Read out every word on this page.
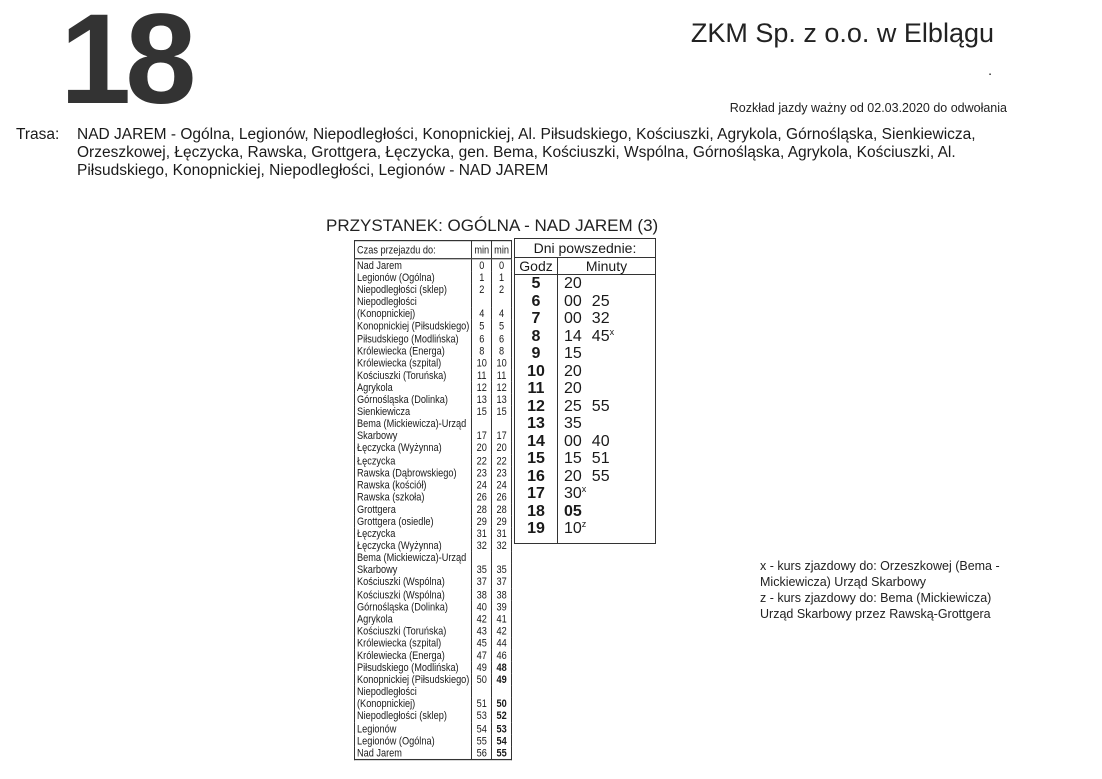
18	ZKM Sp. z o.o. w Elblągu
.
Rozkład jazdy ważny od 02.03.2020 do odwołania
Trasa: NAD JAREM - Ogólna, Legionów, Niepodległości, Konopnickiej, Al. Piłsudskiego, Kościuszki, Agrykola, Górnośląska, Sienkiewicza, Orzeszkowej, Łęczycka, Rawska, Grottgera, Łęczycka, gen. Bema, Kościuszki, Wspólna, Górnośląska, Agrykola, Kościuszki, Al. Piłsudskiego, Konopnickiej, Niepodległości, Legionów - NAD JAREM
PRZYSTANEK: OGÓLNA - NAD JAREM (3)
Czas przejazdu do:	min	min
Nad Jarem	0	0
Legionów (Ogólna)	1	1
Niepodległości (sklep)	2	2
Niepodległości		
(Konopnickiej)	4	4
Konopnickiej (Piłsudskiego)	5	5
Piłsudskiego (Modlińska)	6	6
Królewiecka (Energa)	8	8
Królewiecka (szpital)	10	10
Kościuszki (Toruńska)	11	11
Agrykola	12	12
Górnośląska (Dolinka)	13	13
Sienkiewicza	15	15
Bema (Mickiewicza)-Urząd		
Skarbowy	17	17
Łęczycka (Wyżynna)	20	20
Łęczycka	22	22
Rawska (Dąbrowskiego)	23	23
Rawska (kościół)	24	24
Rawska (szkoła)	26	26
Grottgera	28	28
Grottgera (osiedle)	29	29
Łęczycka	31	31
Łęczycka (Wyżynna)	32	32
Bema (Mickiewicza)-Urząd		
Skarbowy	35	35
Kościuszki (Wspólna)	37	37
Kościuszki (Wspólna)	38	38
Górnośląska (Dolinka)	40	39
Agrykola	42	41
Kościuszki (Toruńska)	43	42
Królewiecka (szpital)	45	44
Królewiecka (Energa)	47	46
Piłsudskiego (Modlińska)	49	48
Konopnickiej (Piłsudskiego)	50	49
Niepodległości		
(Konopnickiej)	51	50
Niepodległości (sklep)	53	52
Legionów	54	53
Legionów (Ogólna)	55	54
Nad Jarem	56	55
Dni powszednie:
Godz	Minuty
5	20
6	00 25
7	00 32
8	14 45$^x$
9	15
10	20
11	20
12	25 55
13	35
14	00 40
15	15 51
16	20 55
17	30$^x$
18	05
19	10$^z$
x - kurs zjazdowy do: Orzeszkowej (Bema - Mickiewicza) Urząd Skarbowy
z - kurs zjazdowy do: Bema (Mickiewicza) Urząd Skarbowy przez Rawską-Grottgera
